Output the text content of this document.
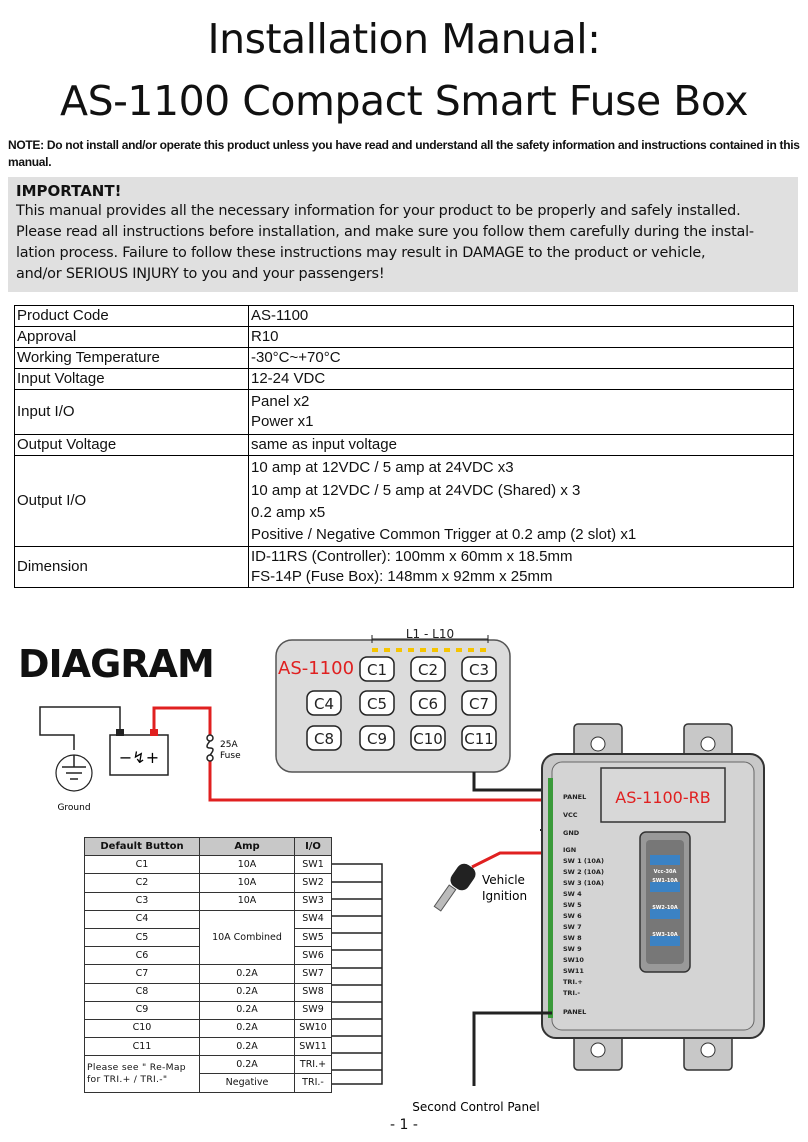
Installation Manual:
AS-1100 Compact Smart Fuse Box
NOTE: Do not install and/or operate this product unless you have read and understand all the safety information and instructions contained in this manual.
IMPORTANT!
This manual provides all the necessary information for your product to be properly and safely installed.
Please read all instructions before installation, and make sure you follow them carefully during the instal-
lation process. Failure to follow these instructions may result in DAMAGE to the product or vehicle,
and/or SERIOUS INJURY to you and your passengers!
Product Code	AS-1100
Approval	R10
Working Temperature	-30°C~+70°C
Input Voltage	12-24 VDC
Input I/O	Panel x2
Power x1

Output Voltage	same as input voltage
Output I/O	10 amp at 12VDC / 5 amp at 24VDC x3
10 amp at 12VDC / 5 amp at 24VDC (Shared) x 3
0.2 amp x5
Positive / Negative Common Trigger at 0.2 amp (2 slot) x1

Dimension	ID-11RS (Controller): 100mm x 60mm x 18.5mm
FS-14P (Fuse Box): 148mm x 92mm x 25mm
DIAGRAM
L1 - L10
AS-1100 C1 C2 C3
C4 C5 C6 C7
C8 C9 C10 C11
−↯+
Ground
25A
Fuse
Vehicle
Ignition
AS-1100-RB
Vcc-30A
SW1-10A
SW2-10A
SW3-10A
PANEL
VCC
GND
IGN
SW 1 (10A)
SW 2 (10A)
SW 3 (10A)
SW 4
SW 5
SW 6
SW 7
SW 8
SW 9
SW10
SW11
TRI.+
TRI.-
PANEL
Second Control Panel
Default Button	Amp	I/O
C1	10A	SW1
C2	10A	SW2
C3	10A	SW3
C4	10A Combined	SW4
C5		SW5
C6		SW6
C7	0.2A	SW7
C8	0.2A	SW8
C9	0.2A	SW9
C10	0.2A	SW10
C11	0.2A	SW11
Please see " Re-Map for TRI.+ / TRI.-"	0.2A	TRI.+
	Negative	TRI.-
- 1 -
